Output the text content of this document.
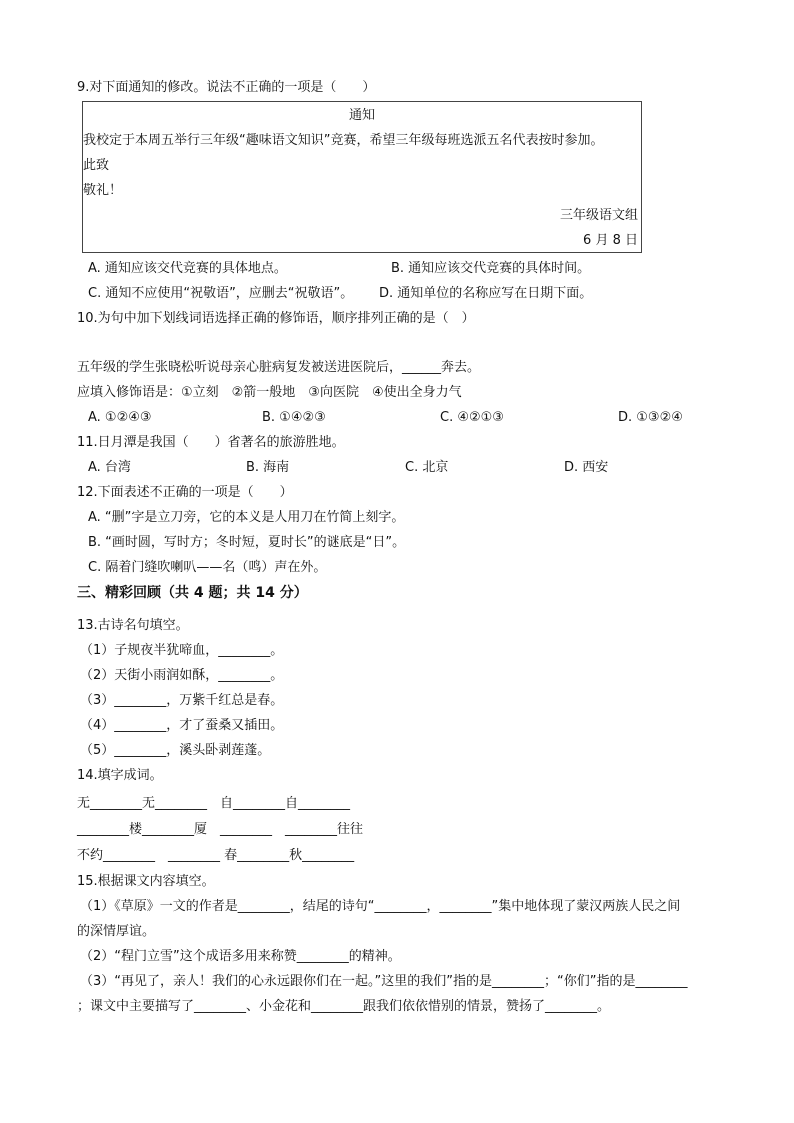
9.对下面通知的修改。说法不正确的一项是（　　）
通知
我校定于本周五举行三年级“趣味语文知识”竞赛，希望三年级每班选派五名代表按时参加。
此致
敬礼！
三年级语文组
6 月 8 日
A. 通知应该交代竞赛的具体地点。	B. 通知应该交代竞赛的具体时间。
C. 通知不应使用“祝敬语”，应删去“祝敬语”。 D. 通知单位的名称应写在日期下面。
10.为句中加下划线词语选择正确的修饰语，顺序排列正确的是（　）
五年级的学生张晓松听说母亲心脏病复发被送进医院后，______奔去。
应填入修饰语是：①立刻　②箭一般地　③向医院　④使出全身力气
A. ①②④③	B. ①④②③	C. ④②①③	D. ①③②④
11.日月潭是我国（　　）省著名的旅游胜地。
A. 台湾	B. 海南	C. 北京	D. 西安
12.下面表述不正确的一项是（　　）
A. “删”字是立刀旁，它的本义是人用刀在竹简上刻字。
B. “画时圆，写时方；冬时短，夏时长”的谜底是“日”。
C. 隔着门缝吹喇叭——名（鸣）声在外。
三、精彩回顾（共 4 题；共 14 分）
13.古诗名句填空。
（1）子规夜半犹啼血，________。
（2）天街小雨润如酥，________。
（3）________，万紫千红总是春。
（4）________，才了蚕桑又插田。
（5）________，溪头卧剥莲蓬。
14.填字成词。
无________无________　自________自________
________楼________厦　________　________往往
不约________　________ 春________秋________
15.根据课文内容填空。
（1）《草原》一文的作者是________，结尾的诗句“________，________”集中地体现了蒙汉两族人民之间
的深情厚谊。
（2）“程门立雪”这个成语多用来称赞________的精神。
（3）“再见了，亲人！我们的心永远跟你们在一起。”这里的我们”指的是________；“你们”指的是________
；课文中主要描写了________、小金花和________跟我们依依惜别的情景，赞扬了________。
